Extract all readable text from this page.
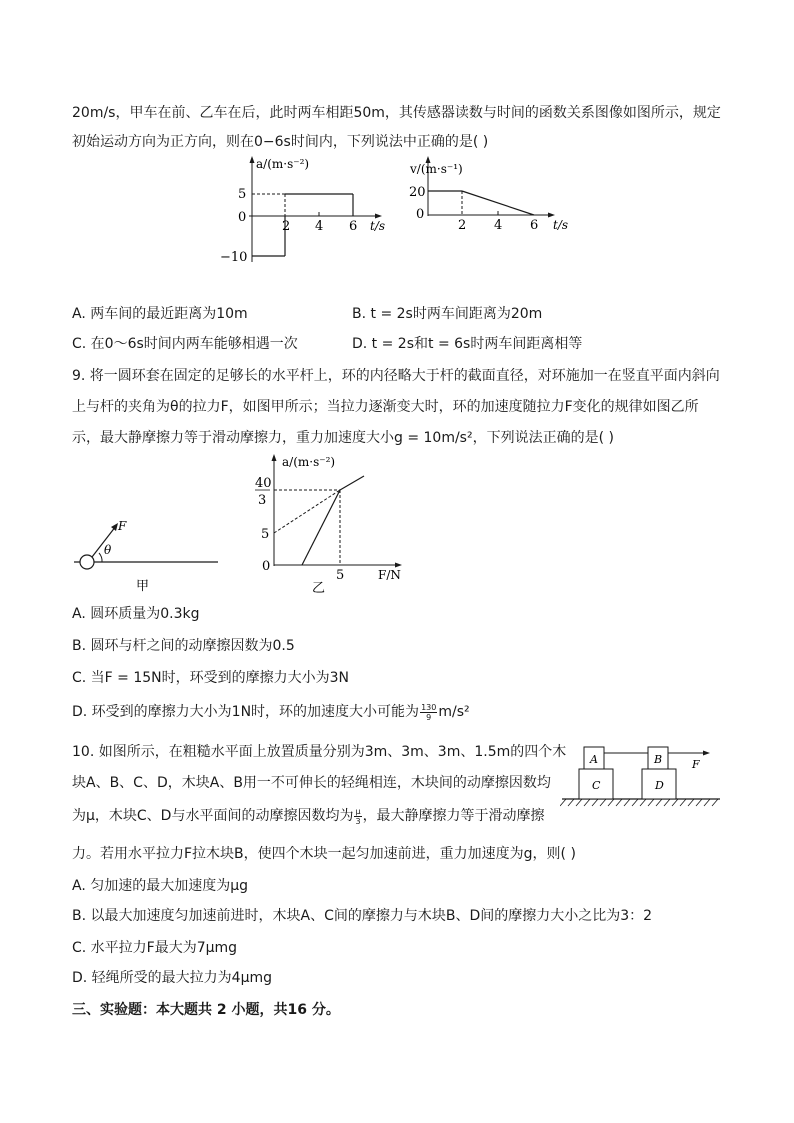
20m/s，甲车在前、乙车在后，此时两车相距50m，其传感器读数与时间的函数关系图像如图所示，规定
初始运动方向为正方向，则在0−6s时间内，下列说法中正确的是( )
a/(m·s⁻²)
t/s
5
0
−10
2 4 6
v/(m·s⁻¹)
t/s
20
0
2 4 6
A. 两车间的最近距离为10m	B. t = 2s时两车间距离为20m
C. 在0～6s时间内两车能够相遇一次	D. t = 2s和t = 6s时两车间距离相等
9. 将一圆环套在固定的足够长的水平杆上，环的内径略大于杆的截面直径，对环施加一在竖直平面内斜向
上与杆的夹角为θ的拉力F，如图甲所示；当拉力逐渐变大时，环的加速度随拉力F变化的规律如图乙所
示，最大静摩擦力等于滑动摩擦力，重力加速度大小g = 10m/s²，下列说法正确的是( )
F
θ
甲
a/(m·s⁻²)
F/N
40
3
5
0
5
乙
A. 圆环质量为0.3kg
B. 圆环与杆之间的动摩擦因数为0.5
C. 当F = 15N时，环受到的摩擦力大小为3N
D. 环受到的摩擦力大小为1N时，环的加速度大小可能为 $\frac{130}{9} m/s^2$
10. 如图所示，在粗糙水平面上放置质量分别为3m、3m、3m、1.5m的四个木
块A、B、C、D，木块A、B用一不可伸长的轻绳相连，木块间的动摩擦因数均
为μ，木块C、D与水平面间的动摩擦因数均为 $\frac{\mu}{3}$ ，最大静摩擦力等于滑动摩擦
力。若用水平拉力F拉木块B，使四个木块一起匀加速前进，重力加速度为g，则( )
A	B
C	D
F
A. 匀加速的最大加速度为μg
B. 以最大加速度匀加速前进时，木块A、C间的摩擦力与木块B、D间的摩擦力大小之比为3：2
C. 水平拉力F最大为7μmg
D. 轻绳所受的最大拉力为4μmg
三、实验题：本大题共 2 小题，共16 分。
